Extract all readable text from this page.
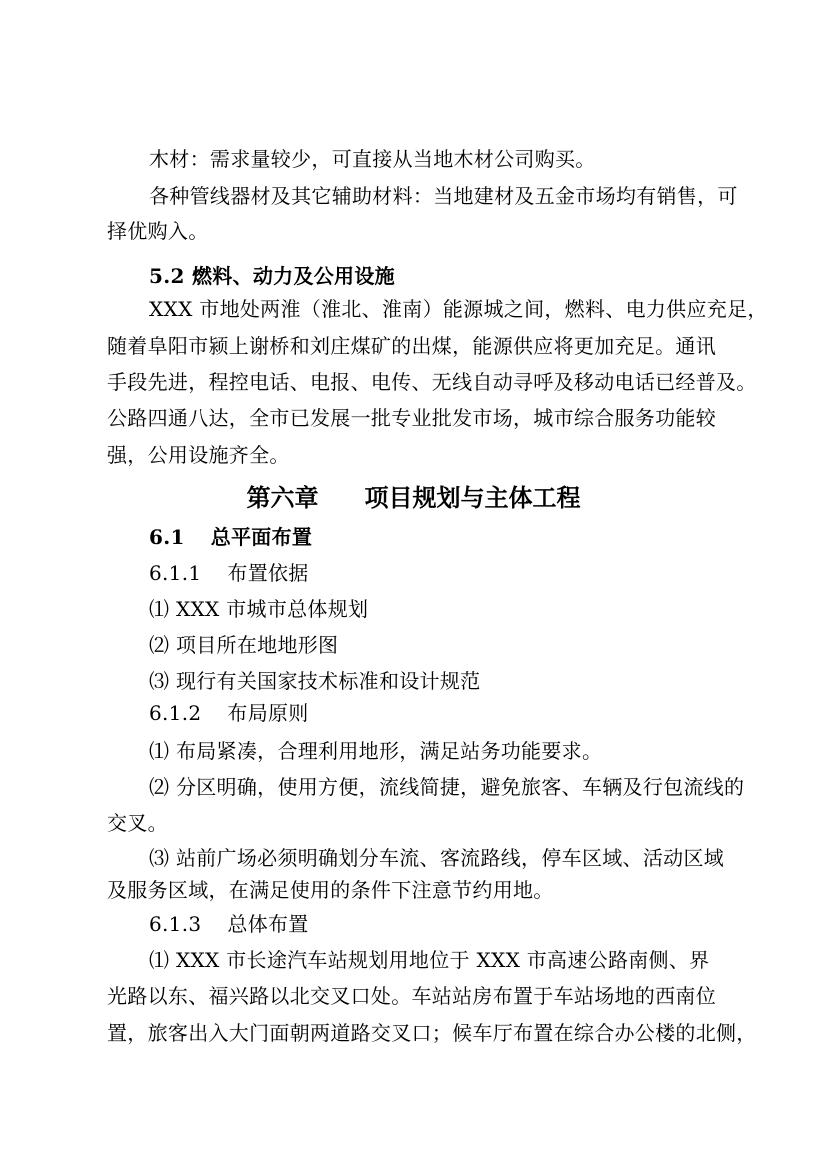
木材：需求量较少，可直接从当地木材公司购买。
各种管线器材及其它辅助材料：当地建材及五金市场均有销售，可
择优购入。
5.2 燃料、动力及公用设施
XXX 市地处两淮（淮北、淮南）能源城之间，燃料、电力供应充足，
随着阜阳市颍上谢桥和刘庄煤矿的出煤，能源供应将更加充足。通讯
手段先进，程控电话、电报、电传、无线自动寻呼及移动电话已经普及。
公路四通八达，全市已发展一批专业批发市场，城市综合服务功能较
强，公用设施齐全。
第六章 项目规划与主体工程
6.1 总平面布置
6.1.1 布置依据
⑴ XXX 市城市总体规划
⑵ 项目所在地地形图
⑶ 现行有关国家技术标准和设计规范
6.1.2 布局原则
⑴ 布局紧凑，合理利用地形，满足站务功能要求。
⑵ 分区明确，使用方便，流线简捷，避免旅客、车辆及行包流线的
交叉。
⑶ 站前广场必须明确划分车流、客流路线，停车区域、活动区域
及服务区域，在满足使用的条件下注意节约用地。
6.1.3 总体布置
⑴ XXX 市长途汽车站规划用地位于 XXX 市高速公路南侧、界
光路以东、福兴路以北交叉口处。车站站房布置于车站场地的西南位
置，旅客出入大门面朝两道路交叉口；候车厅布置在综合办公楼的北侧，
